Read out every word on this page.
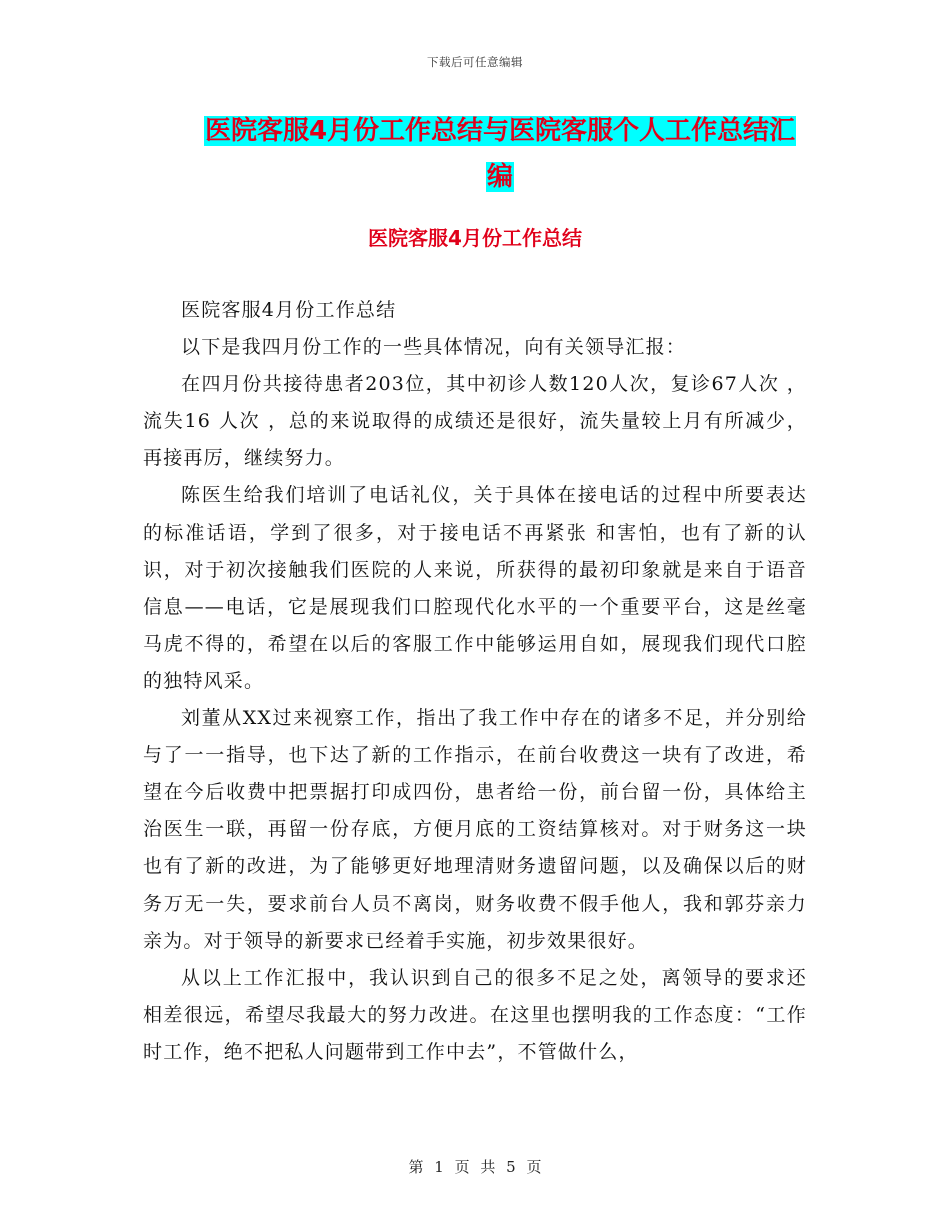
下载后可任意编辑
医院客服4月份工作总结与医院客服个人工作总结汇
编
医院客服4月份工作总结

医院客服4月份工作总结

以下是我四月份工作的一些具体情况，向有关领导汇报：

在四月份共接待患者203位，其中初诊人数120人次，复诊67人次 ，流失16 人次 ，总的来说取得的成绩还是很好，流失量较上月有所减少，再接再厉，继续努力。

陈医生给我们培训了电话礼仪，关于具体在接电话的过程中所要表达的标准话语，学到了很多，对于接电话不再紧张 和害怕，也有了新的认识，对于初次接触我们医院的人来说，所获得的最初印象就是来自于语音信息——电话，它是展现我们口腔现代化水平的一个重要平台，这是丝毫马虎不得的，希望在以后的客服工作中能够运用自如，展现我们现代口腔的独特风采。

刘董从XX过来视察工作，指出了我工作中存在的诸多不足，并分别给与了一一指导，也下达了新的工作指示，在前台收费这一块有了改进，希望在今后收费中把票据打印成四份，患者给一份，前台留一份，具体给主治医生一联，再留一份存底，方便月底的工资结算核对。对于财务这一块也有了新的改进，为了能够更好地理清财务遗留问题，以及确保以后的财务万无一失，要求前台人员不离岗，财务收费不假手他人，我和郭芬亲力亲为。对于领导的新要求已经着手实施，初步效果很好。

从以上工作汇报中，我认识到自己的很多不足之处，离领导的要求还相差很远，希望尽我最大的努力改进。在这里也摆明我的工作态度：“工作时工作，绝不把私人问题带到工作中去”，不管做什么，

第 1 页 共 5 页
